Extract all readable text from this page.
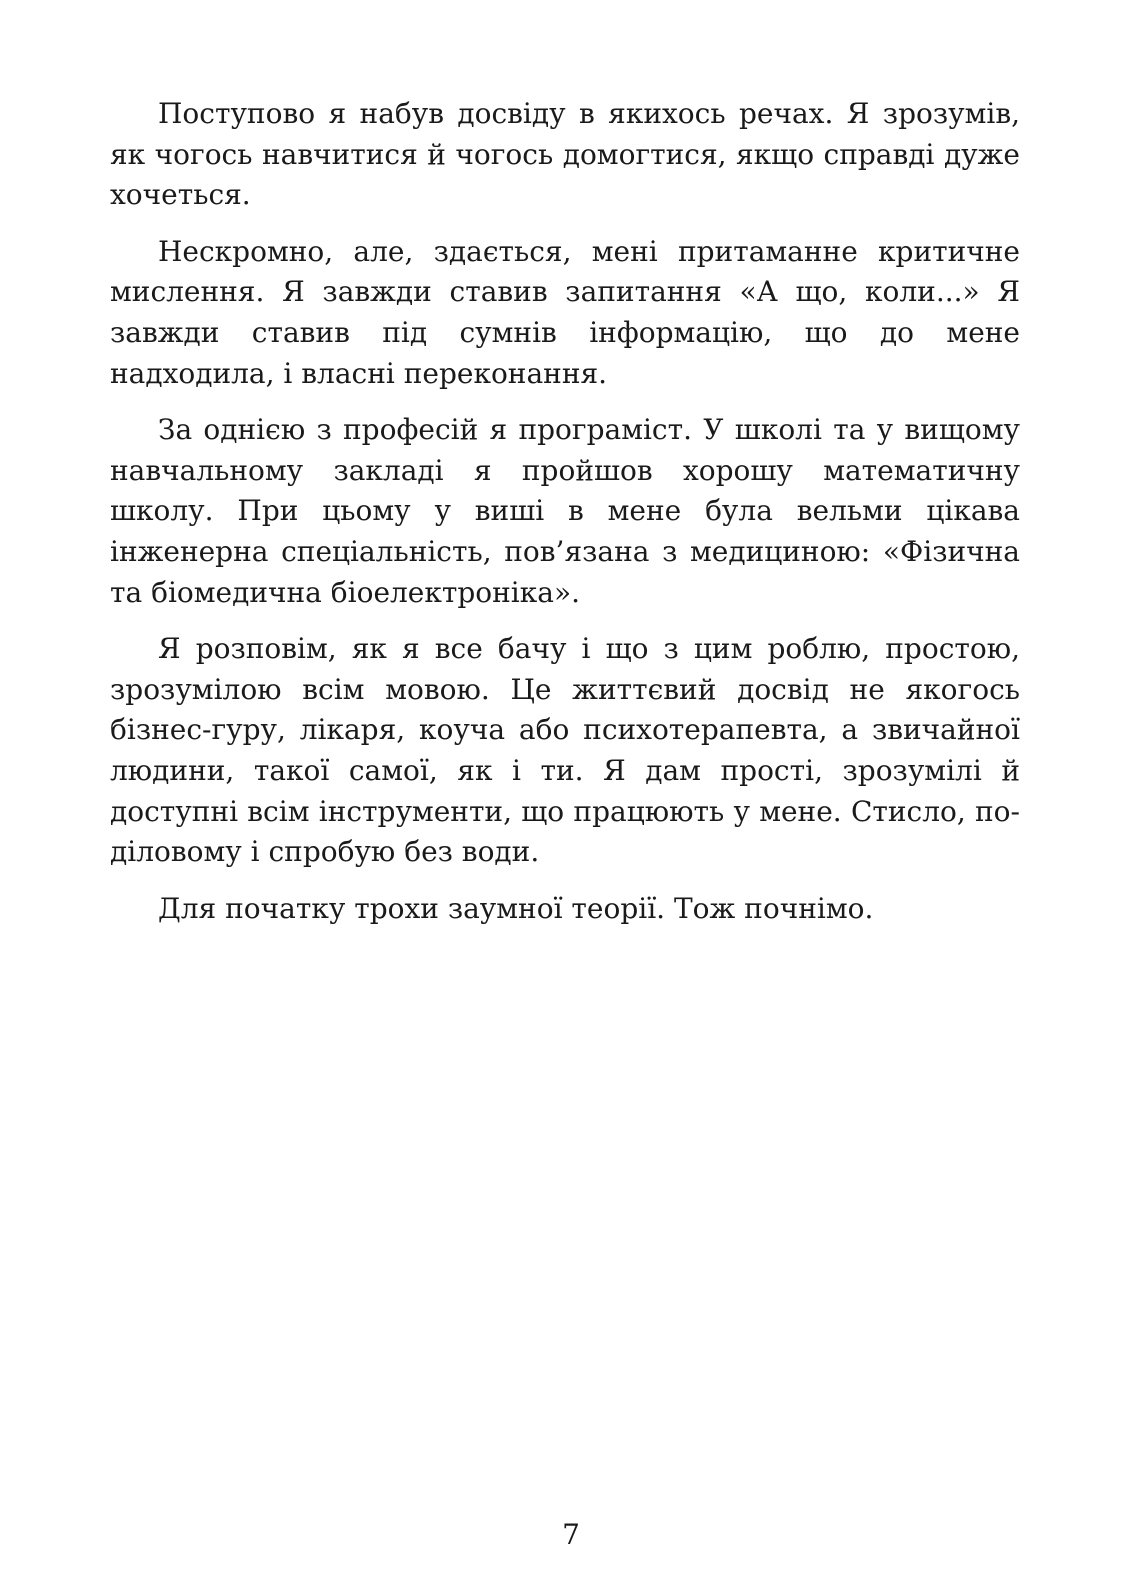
Поступово я набув досвіду в якихось речах. Я зрозумів, як чогось навчитися й чогось домогтися, якщо справді дуже хочеться.

Нескромно, але, здається, мені притаманне критичне мислення. Я завжди ставив запитання «А що, коли...» Я завжди ставив під сумнів інформацію, що до мене надходила, і власні переконання.

За однією з професій я програміст. У школі та у вищому навчальному закладі я пройшов хорошу математичну школу. При цьому у виші в мене була вельми цікава інженерна спеціальність, пов’язана з медициною: «Фізична та біомедична біоелектроніка».

Я розповім, як я все бачу і що з цим роблю, простою, зрозумілою всім мовою. Це життєвий досвід не якогось бізнес-гуру, лікаря, коуча або психотерапевта, а звичайної людини, такої самої, як і ти. Я дам прості, зрозумілі й доступні всім інструменти, що працюють у мене. Стисло, по-діловому і спробую без води.

Для початку трохи заумної теорії. Тож почнімо.

7
